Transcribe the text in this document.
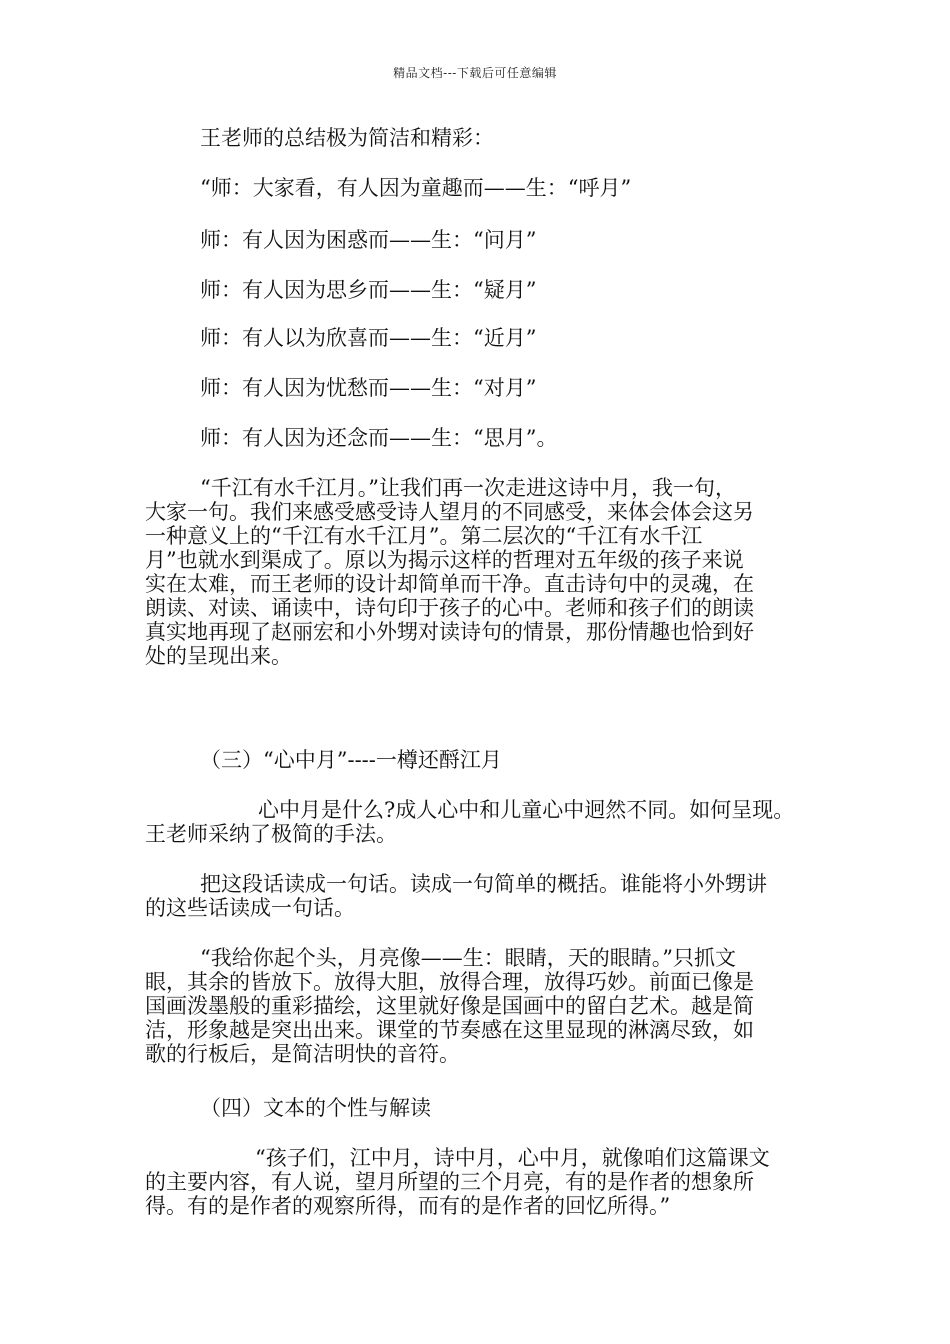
精品文档---下载后可任意编辑
王老师的总结极为简洁和精彩：
“师：大家看，有人因为童趣而——生：“呼月”
师：有人因为困惑而——生：“问月”
师：有人因为思乡而——生：“疑月”
师：有人以为欣喜而——生：“近月”
师：有人因为忧愁而——生：“对月”
师：有人因为还念而——生：“思月”。
“千江有水千江月。”让我们再一次走进这诗中月，我一句，
大家一句。我们来感受感受诗人望月的不同感受，来体会体会这另
一种意义上的“千江有水千江月”。第二层次的“千江有水千江
月”也就水到渠成了。原以为揭示这样的哲理对五年级的孩子来说
实在太难，而王老师的设计却简单而干净。直击诗句中的灵魂，在
朗读、对读、诵读中，诗句印于孩子的心中。老师和孩子们的朗读
真实地再现了赵丽宏和小外甥对读诗句的情景，那份情趣也恰到好
处的呈现出来。
（三）“心中月”----一樽还酹江月
心中月是什么?成人心中和儿童心中迥然不同。如何呈现。
王老师采纳了极简的手法。
把这段话读成一句话。读成一句简单的概括。谁能将小外甥讲
的这些话读成一句话。
“我给你起个头，月亮像——生：眼睛，天的眼睛。”只抓文
眼，其余的皆放下。放得大胆，放得合理，放得巧妙。前面已像是
国画泼墨般的重彩描绘，这里就好像是国画中的留白艺术。越是简
洁，形象越是突出出来。课堂的节奏感在这里显现的淋漓尽致，如
歌的行板后，是简洁明快的音符。
（四）文本的个性与解读
“孩子们，江中月，诗中月，心中月，就像咱们这篇课文
的主要内容，有人说，望月所望的三个月亮，有的是作者的想象所
得。有的是作者的观察所得，而有的是作者的回忆所得。”
